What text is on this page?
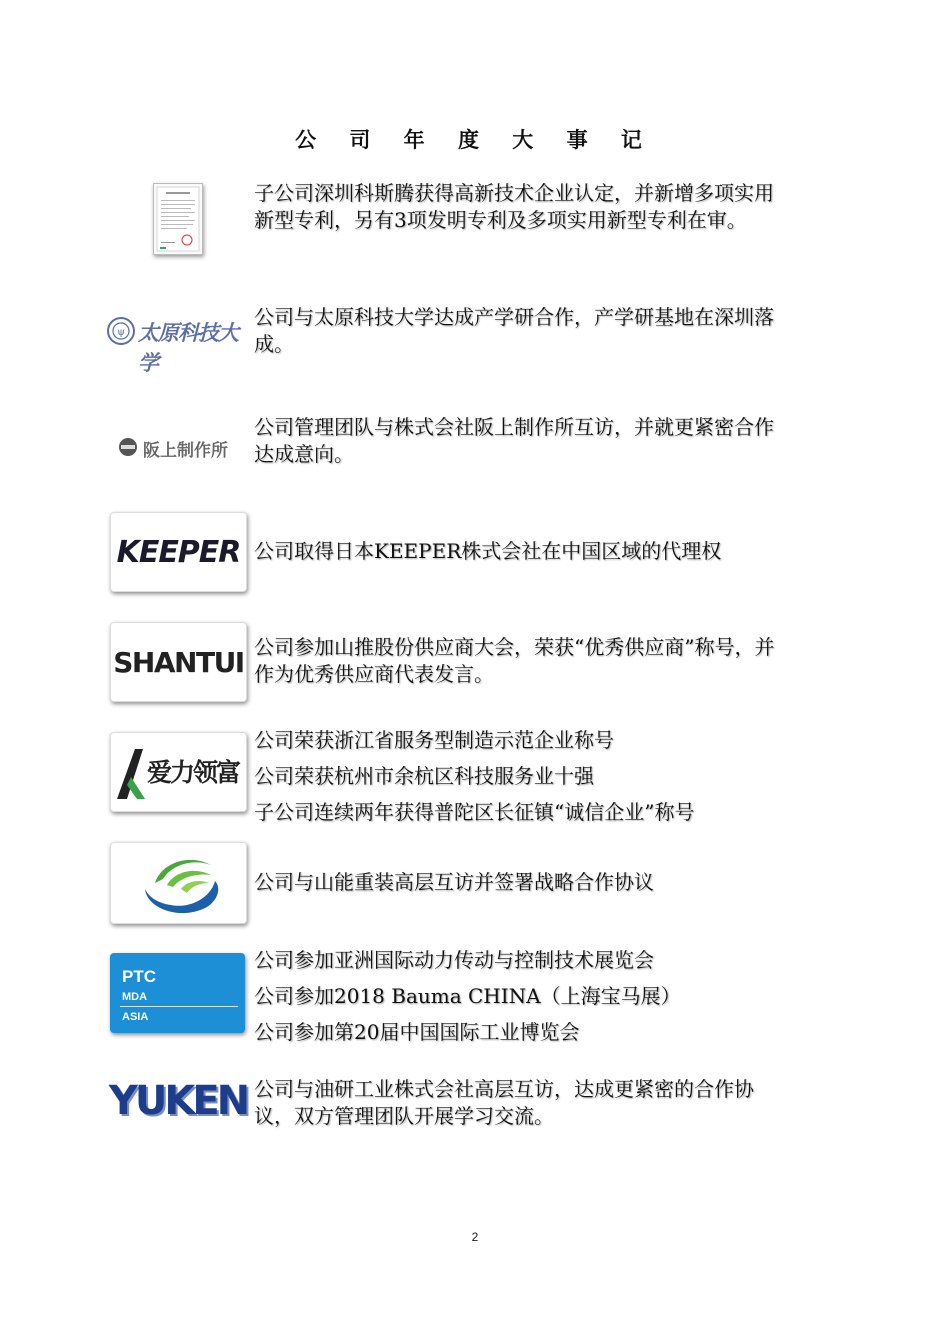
公 司 年 度 大 事 记

子公司深圳科斯腾获得高新技术企业认定，并新增多项实用新型专利，另有3项发明专利及多项实用新型专利在审。

ψ 太原科技大学

公司与太原科技大学达成产学研合作，产学研基地在深圳落成。

阪上制作所

公司管理团队与株式会社阪上制作所互访，并就更紧密合作达成意向。

KEEPER 公司取得日本KEEPER株式会社在中国区域的代理权

SHANTUI 公司参加山推股份供应商大会，荣获“优秀供应商”称号，并作为优秀供应商代表发言。

爱力领富

公司荣获浙江省服务型制造示范企业称号

公司荣获杭州市余杭区科技服务业十强

子公司连续两年获得普陀区长征镇“诚信企业”称号

公司与山能重装高层互访并签署战略合作协议

PTC
MDA
ASIA

公司参加亚洲国际动力传动与控制技术展览会

公司参加2018 Bauma CHINA（上海宝马展）

公司参加第20届中国国际工业博览会

YUKEN 公司与油研工业株式会社高层互访，达成更紧密的合作协议，双方管理团队开展学习交流。

2
